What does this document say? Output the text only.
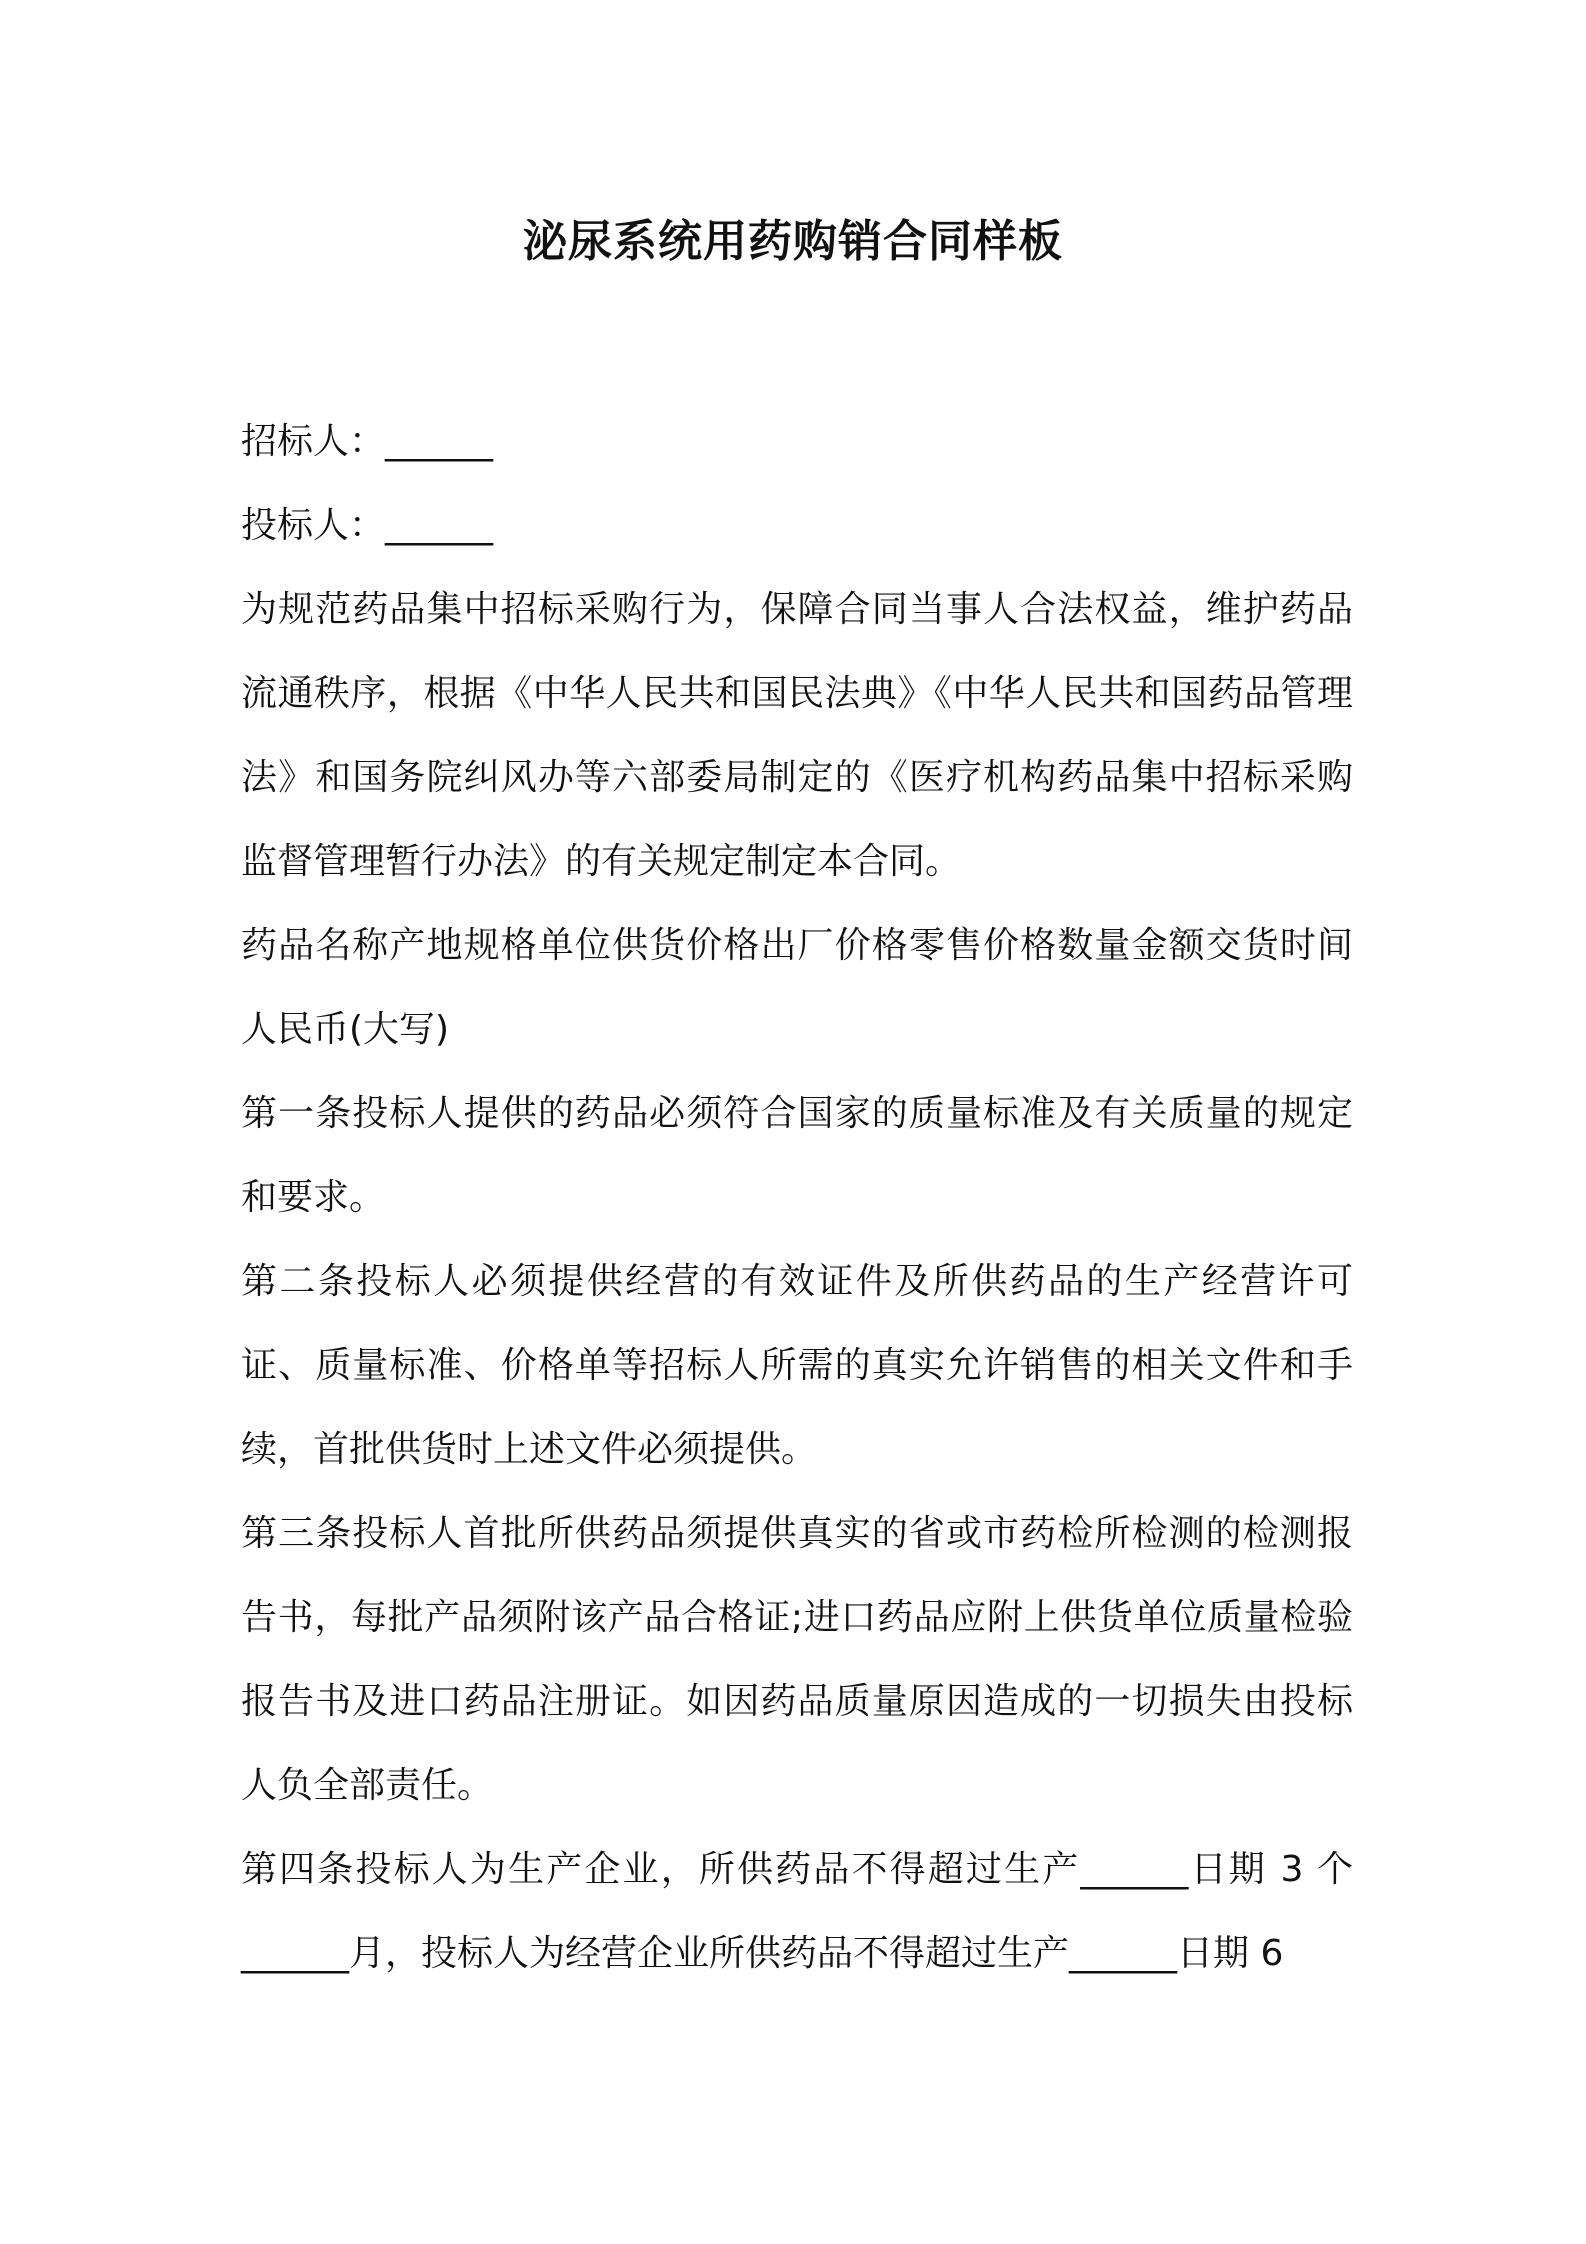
泌尿系统用药购销合同样板

招标人：______

投标人：______

为规范药品集中招标采购行为，保障合同当事人合法权益，维护药品流通秩序，根据《中华人民共和国民法典》《中华人民共和国药品管理法》和国务院纠风办等六部委局制定的《医疗机构药品集中招标采购监督管理暂行办法》的有关规定制定本合同。

药品名称产地规格单位供货价格出厂价格零售价格数量金额交货时间人民币(大写)

第一条投标人提供的药品必须符合国家的质量标准及有关质量的规定和要求。

第二条投标人必须提供经营的有效证件及所供药品的生产经营许可证、质量标准、价格单等招标人所需的真实允许销售的相关文件和手续，首批供货时上述文件必须提供。

第三条投标人首批所供药品须提供真实的省或市药检所检测的检测报告书，每批产品须附该产品合格证;进口药品应附上供货单位质量检验报告书及进口药品注册证。如因药品质量原因造成的一切损失由投标人负全部责任。

第四条投标人为生产企业，所供药品不得超过生产______日期 3 个______月，投标人为经营企业所供药品不得超过生产______日期 6
